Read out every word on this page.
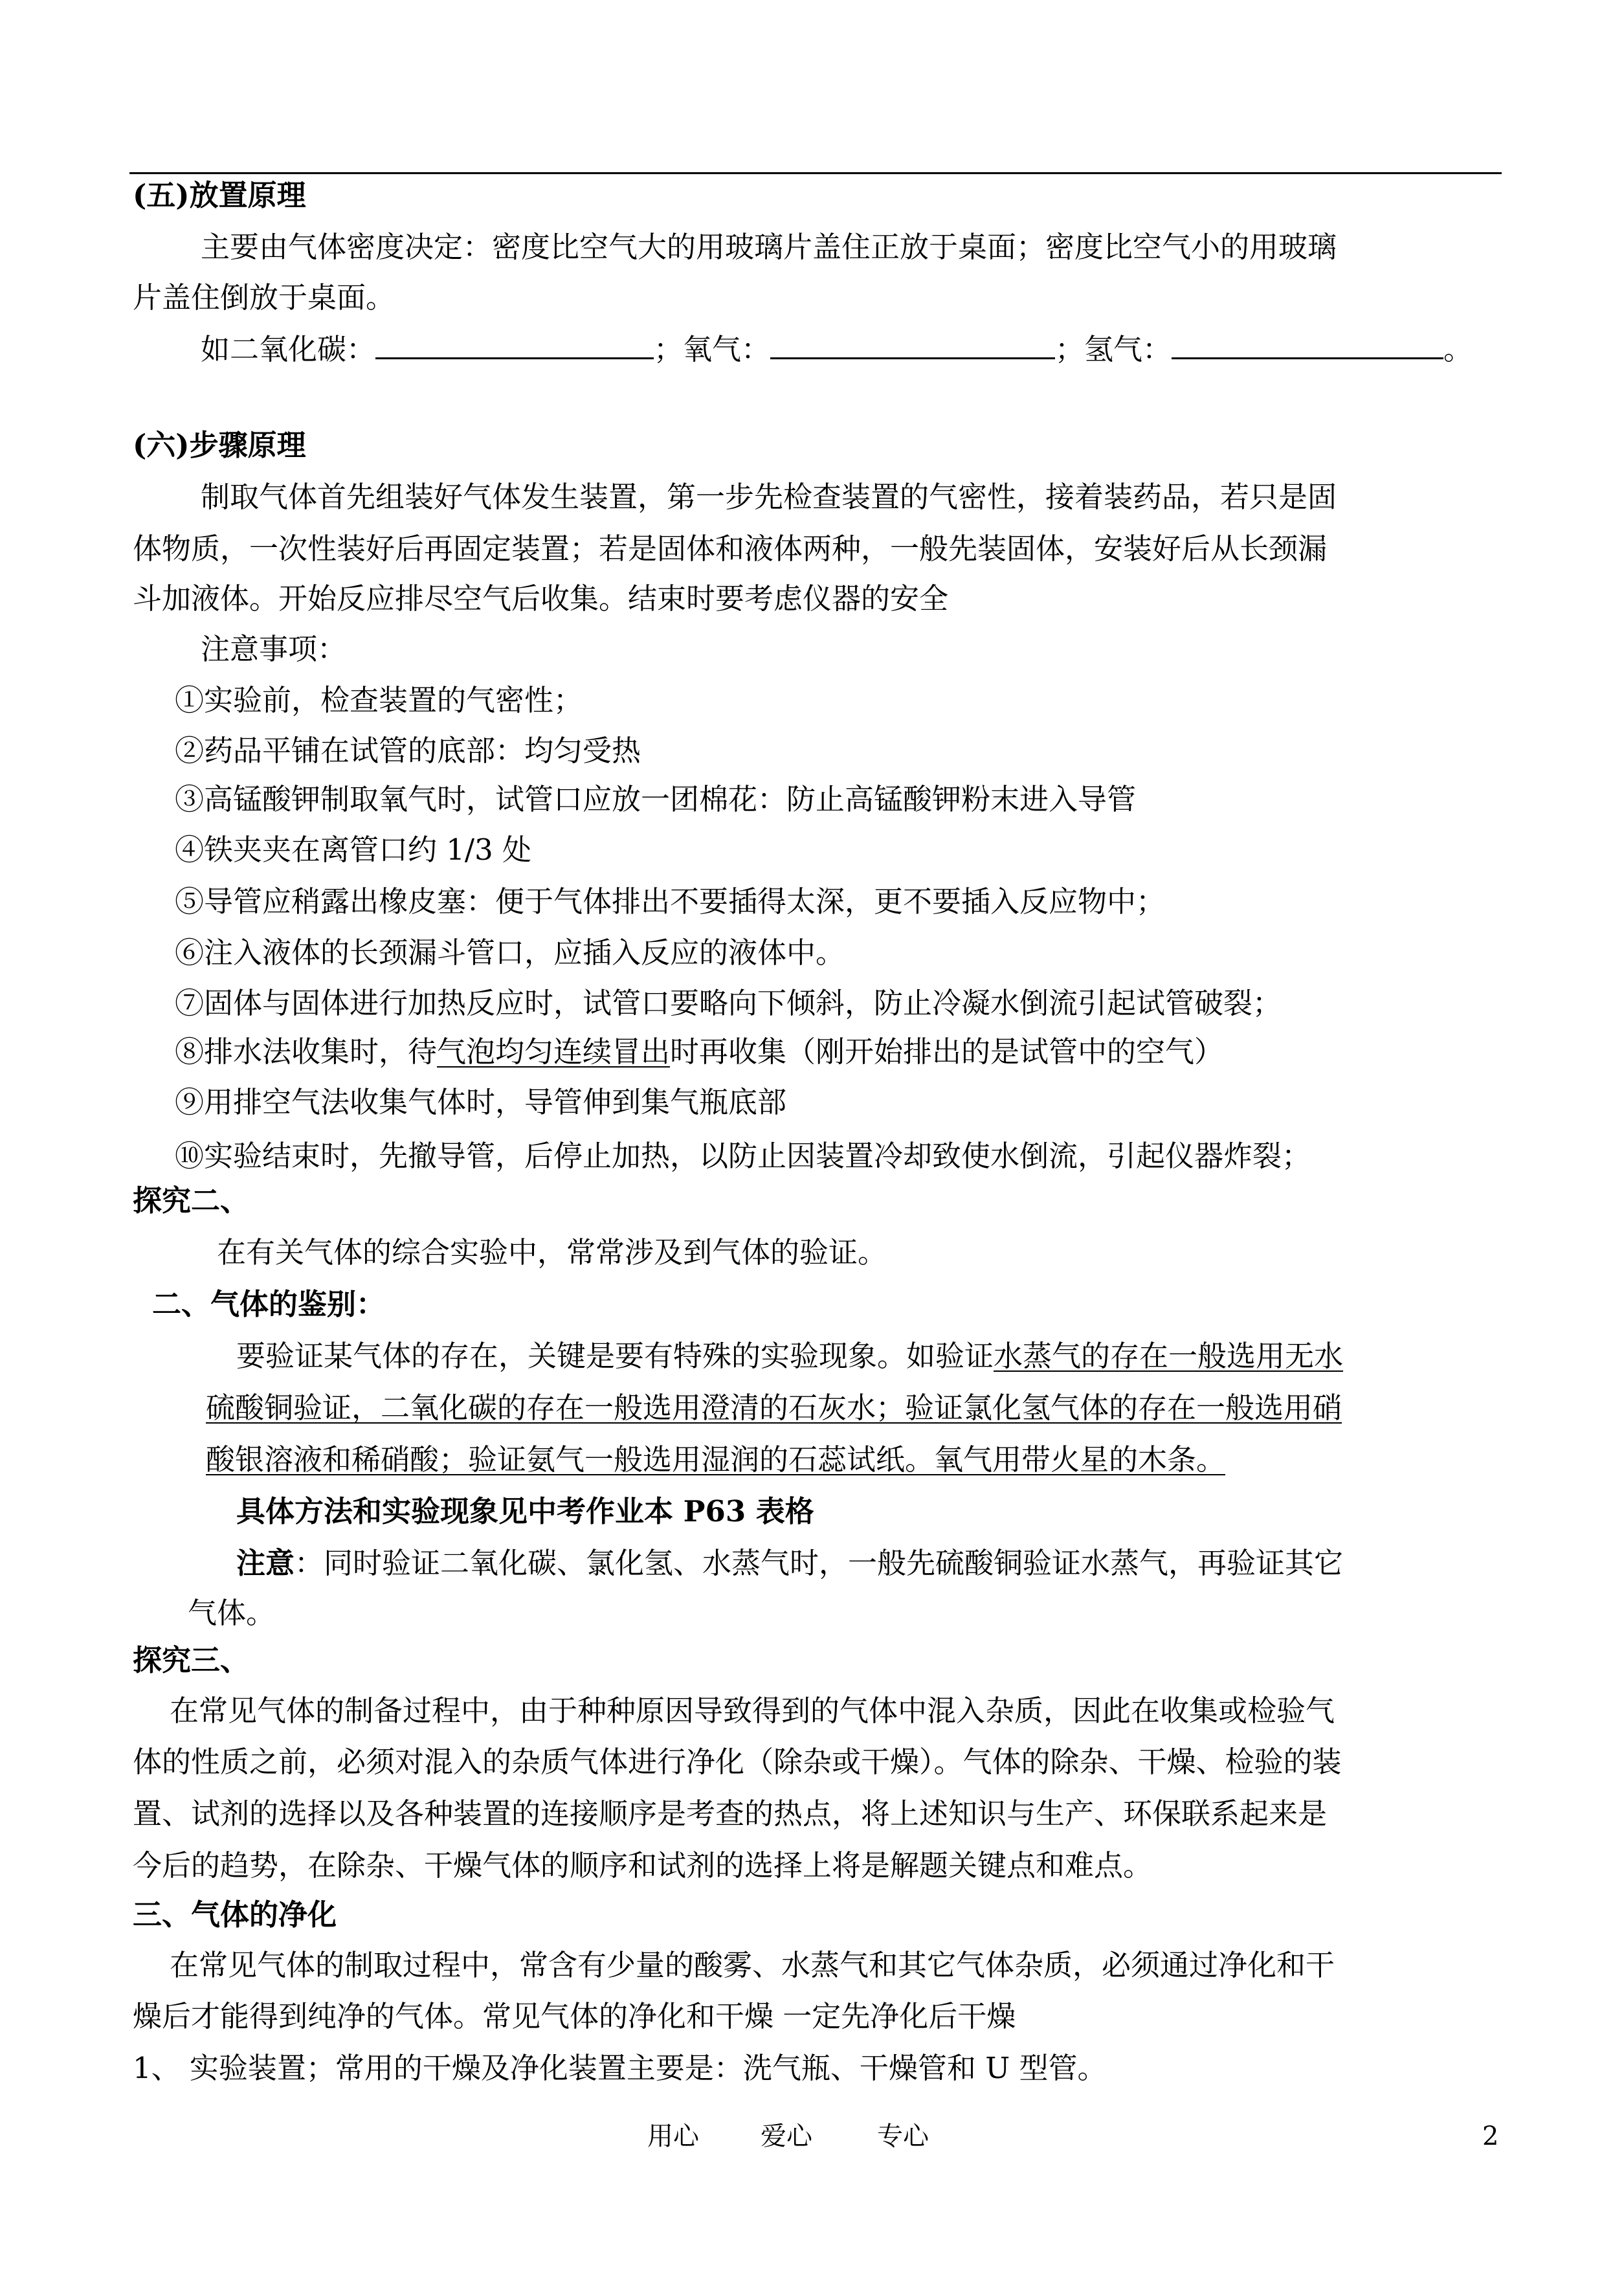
(五)放置原理
主要由气体密度决定：密度比空气大的用玻璃片盖住正放于桌面；密度比空气小的用玻璃
片盖住倒放于桌面。
如二氧化碳：	；氧气：	；氢气：	。
(六)步骤原理
制取气体首先组装好气体发生装置，第一步先检查装置的气密性，接着装药品，若只是固
体物质，一次性装好后再固定装置；若是固体和液体两种，一般先装固体，安装好后从长颈漏
斗加液体。开始反应排尽空气后收集。结束时要考虑仪器的安全
注意事项：
①实验前，检查装置的气密性；
②药品平铺在试管的底部：均匀受热
③高锰酸钾制取氧气时，试管口应放一团棉花：防止高锰酸钾粉末进入导管
④铁夹夹在离管口约 1/3 处
⑤导管应稍露出橡皮塞：便于气体排出不要插得太深，更不要插入反应物中；
⑥注入液体的长颈漏斗管口，应插入反应的液体中。
⑦固体与固体进行加热反应时，试管口要略向下倾斜，防止冷凝水倒流引起试管破裂；
⑧排水法收集时，待气泡均匀连续冒出时再收集（刚开始排出的是试管中的空气）
⑨用排空气法收集气体时，导管伸到集气瓶底部
⑩实验结束时，先撤导管，后停止加热，以防止因装置冷却致使水倒流，引起仪器炸裂；
探究二、
在有关气体的综合实验中，常常涉及到气体的验证。
二、气体的鉴别：
要验证某气体的存在，关键是要有特殊的实验现象。如验证水蒸气的存在一般选用无水
硫酸铜验证，二氧化碳的存在一般选用澄清的石灰水；验证氯化氢气体的存在一般选用硝
酸银溶液和稀硝酸；验证氨气一般选用湿润的石蕊试纸。氧气用带火星的木条。
具体方法和实验现象见中考作业本 P63 表格
注意：同时验证二氧化碳、氯化氢、水蒸气时，一般先硫酸铜验证水蒸气，再验证其它
气体。
探究三、
在常见气体的制备过程中，由于种种原因导致得到的气体中混入杂质，因此在收集或检验气
体的性质之前，必须对混入的杂质气体进行净化（除杂或干燥）。气体的除杂、干燥、检验的装
置、试剂的选择以及各种装置的连接顺序是考查的热点，将上述知识与生产、环保联系起来是
今后的趋势，在除杂、干燥气体的顺序和试剂的选择上将是解题关键点和难点。
三、气体的净化
在常见气体的制取过程中，常含有少量的酸雾、水蒸气和其它气体杂质，必须通过净化和干
燥后才能得到纯净的气体。常见气体的净化和干燥 一定先净化后干燥
1、 实验装置；常用的干燥及净化装置主要是：洗气瓶、干燥管和 U 型管。
用心 爱心	专心	2
